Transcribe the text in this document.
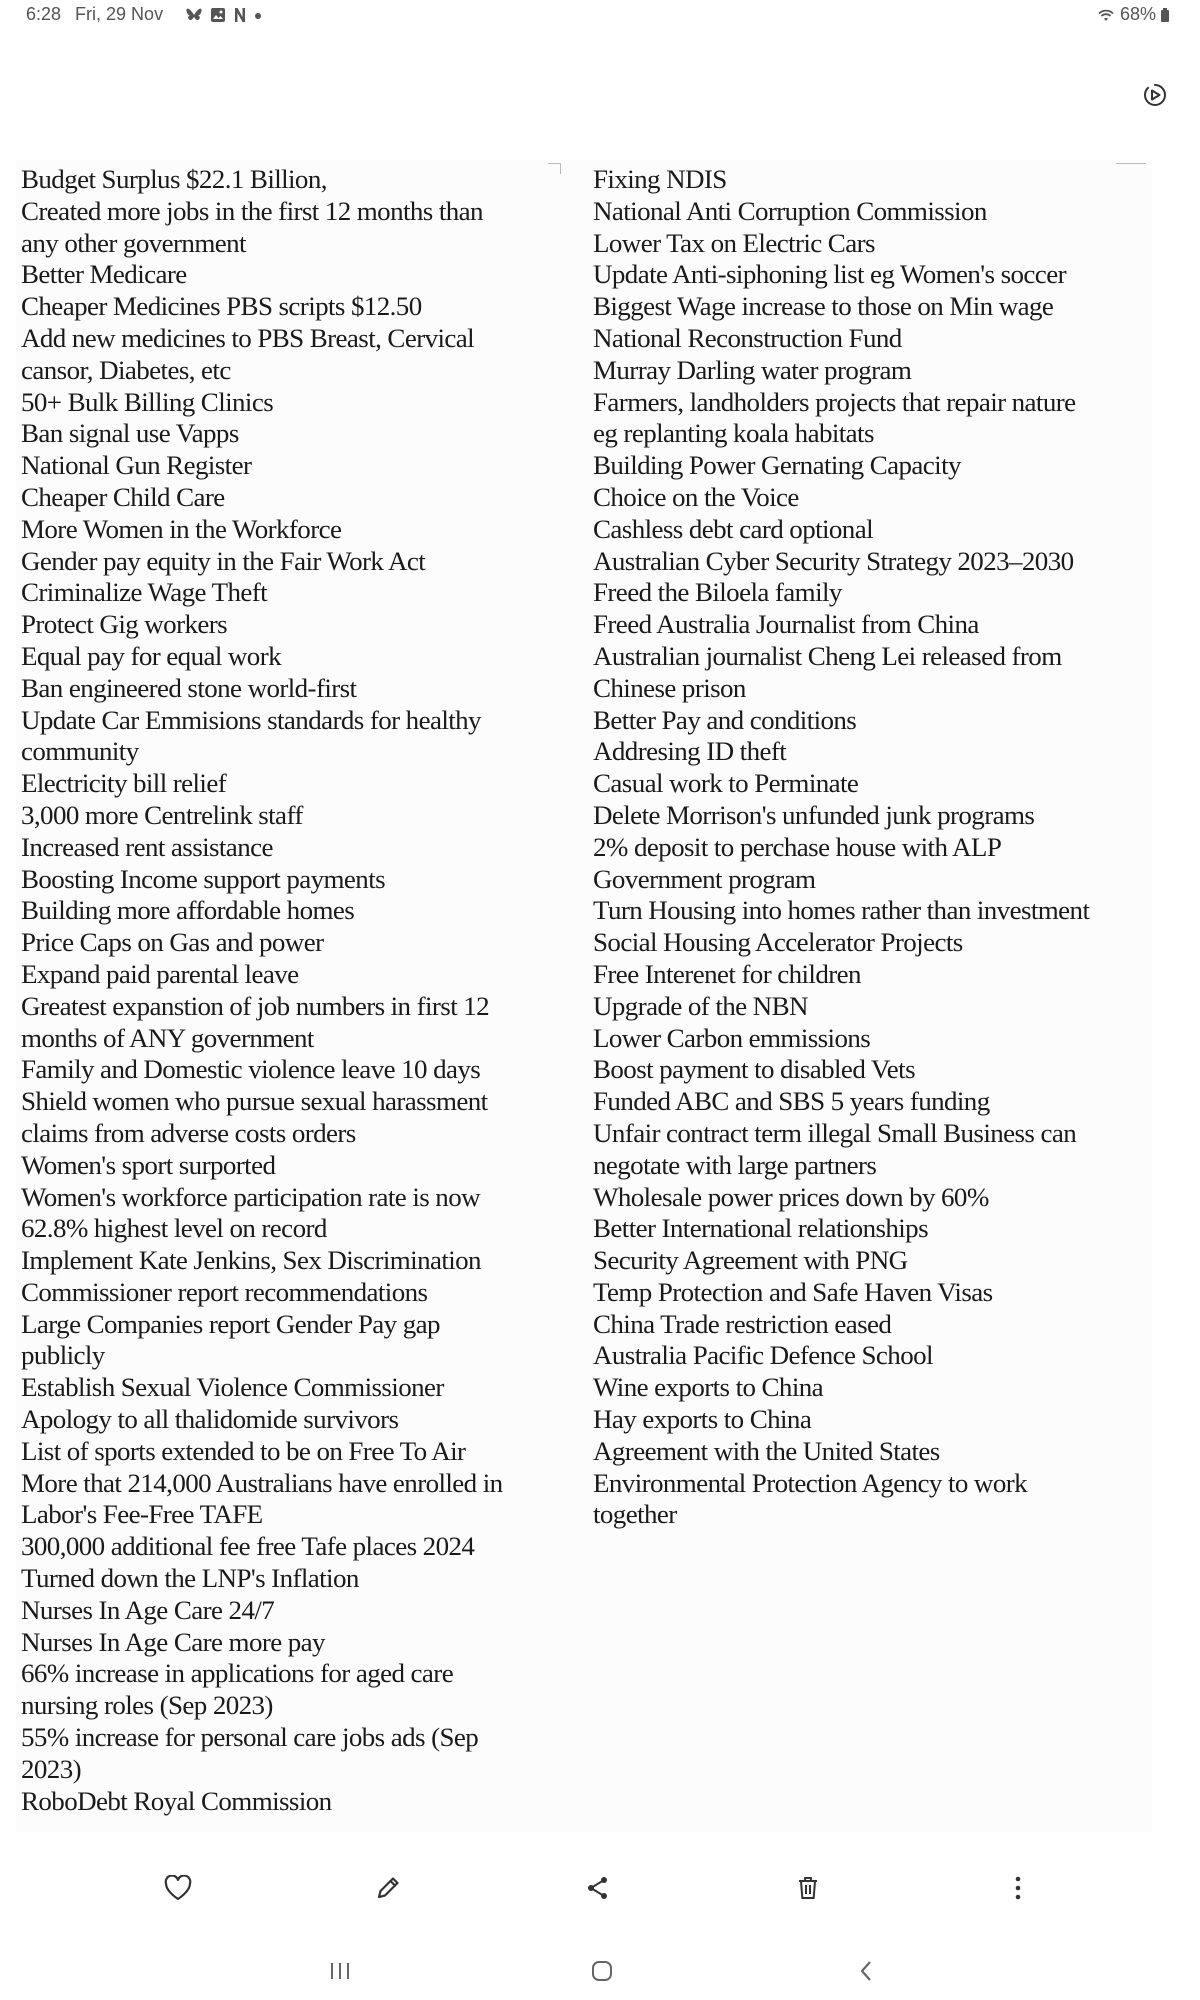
6:28 Fri, 29 Nov	68%
Budget Surplus $22.1 Billion,
Created more jobs in the first 12 months than
any other government
Better Medicare
Cheaper Medicines PBS scripts $12.50
Add new medicines to PBS Breast, Cervical
cansor, Diabetes, etc
50+ Bulk Billing Clinics
Ban signal use Vapps
National Gun Register
Cheaper Child Care
More Women in the Workforce
Gender pay equity in the Fair Work Act
Criminalize Wage Theft
Protect Gig workers
Equal pay for equal work
Ban engineered stone world-first
Update Car Emmisions standards for healthy
community
Electricity bill relief
3,000 more Centrelink staff
Increased rent assistance
Boosting Income support payments
Building more affordable homes
Price Caps on Gas and power
Expand paid parental leave
Greatest expanstion of job numbers in first 12
months of ANY government
Family and Domestic violence leave 10 days
Shield women who pursue sexual harassment
claims from adverse costs orders
Women's sport surported
Women's workforce participation rate is now
62.8% highest level on record
Implement Kate Jenkins, Sex Discrimination
Commissioner report recommendations
Large Companies report Gender Pay gap
publicly
Establish Sexual Violence Commissioner
Apology to all thalidomide survivors
List of sports extended to be on Free To Air
More that 214,000 Australians have enrolled in
Labor's Fee-Free TAFE
300,000 additional fee free Tafe places 2024
Turned down the LNP's Inflation
Nurses In Age Care 24/7
Nurses In Age Care more pay
66% increase in applications for aged care
nursing roles (Sep 2023)
55% increase for personal care jobs ads (Sep
2023)
RoboDebt Royal Commission
Fixing NDIS
National Anti Corruption Commission
Lower Tax on Electric Cars
Update Anti-siphoning list eg Women's soccer
Biggest Wage increase to those on Min wage
National Reconstruction Fund
Murray Darling water program
Farmers, landholders projects that repair nature
eg replanting koala habitats
Building Power Gernating Capacity
Choice on the Voice
Cashless debt card optional
Australian Cyber Security Strategy 2023–2030
Freed the Biloela family
Freed Australia Journalist from China
Australian journalist Cheng Lei released from
Chinese prison
Better Pay and conditions
Addresing ID theft
Casual work to Perminate
Delete Morrison's unfunded junk programs
2% deposit to perchase house with ALP
Government program
Turn Housing into homes rather than investment
Social Housing Accelerator Projects
Free Interenet for children
Upgrade of the NBN
Lower Carbon emmissions
Boost payment to disabled Vets
Funded ABC and SBS 5 years funding
Unfair contract term illegal Small Business can
negotate with large partners
Wholesale power prices down by 60%
Better International relationships
Security Agreement with PNG
Temp Protection and Safe Haven Visas
China Trade restriction eased
Australia Pacific Defence School
Wine exports to China
Hay exports to China
Agreement with the United States
Environmental Protection Agency to work
together
